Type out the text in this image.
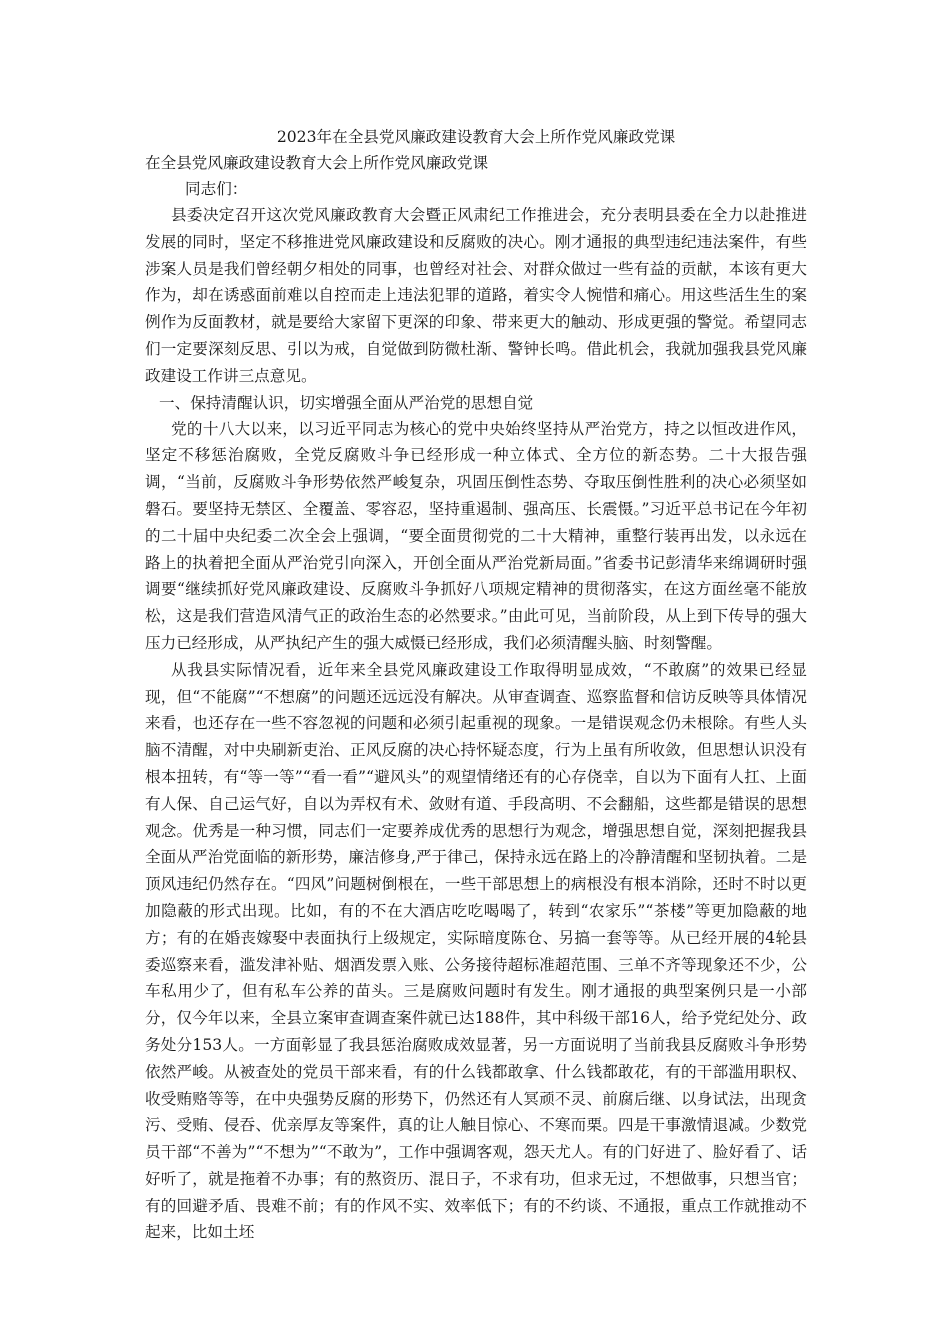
2023年在全县党风廉政建设教育大会上所作党风廉政党课
在全县党风廉政建设教育大会上所作党风廉政党课

同志们：

县委决定召开这次党风廉政教育大会暨正风肃纪工作推进会，充分表明县委在全力以赴推进发展的同时，坚定不移推进党风廉政建设和反腐败的决心。刚才通报的典型违纪违法案件，有些涉案人员是我们曾经朝夕相处的同事，也曾经对社会、对群众做过一些有益的贡献，本该有更大作为，却在诱惑面前难以自控而走上违法犯罪的道路，着实令人惋惜和痛心。用这些活生生的案例作为反面教材，就是要给大家留下更深的印象、带来更大的触动、形成更强的警觉。希望同志们一定要深刻反思、引以为戒，自觉做到防微杜渐、警钟长鸣。借此机会，我就加强我县党风廉政建设工作讲三点意见。

一、保持清醒认识，切实增强全面从严治党的思想自觉

党的十八大以来，以习近平同志为核心的党中央始终坚持从严治党方，持之以恒改进作风，坚定不移惩治腐败，全党反腐败斗争已经形成一种立体式、全方位的新态势。二十大报告强调，“当前，反腐败斗争形势依然严峻复杂，巩固压倒性态势、夺取压倒性胜利的决心必须坚如磐石。要坚持无禁区、全覆盖、零容忍，坚持重遏制、强高压、长震慑。”习近平总书记在今年初的二十届中央纪委二次全会上强调，“要全面贯彻党的二十大精神，重整行装再出发，以永远在路上的执着把全面从严治党引向深入，开创全面从严治党新局面。”省委书记彭清华来绵调研时强调要“继续抓好党风廉政建设、反腐败斗争抓好八项规定精神的贯彻落实，在这方面丝毫不能放松，这是我们营造风清气正的政治生态的必然要求。”由此可见，当前阶段，从上到下传导的强大压力已经形成，从严执纪产生的强大威慑已经形成，我们必须清醒头脑、时刻警醒。

从我县实际情况看，近年来全县党风廉政建设工作取得明显成效，“不敢腐”的效果已经显现，但“不能腐”“不想腐”的问题还远远没有解决。从审查调查、巡察监督和信访反映等具体情况来看，也还存在一些不容忽视的问题和必须引起重视的现象。一是错误观念仍未根除。有些人头脑不清醒，对中央刷新吏治、正风反腐的决心持怀疑态度，行为上虽有所收敛，但思想认识没有根本扭转，有“等一等”“看一看”“避风头”的观望情绪还有的心存侥幸，自以为下面有人扛、上面有人保、自己运气好，自以为弄权有术、敛财有道、手段高明、不会翻船，这些都是错误的思想观念。优秀是一种习惯，同志们一定要养成优秀的思想行为观念，增强思想自觉，深刻把握我县全面从严治党面临的新形势，廉洁修身,严于律己，保持永远在路上的冷静清醒和坚韧执着。二是顶风违纪仍然存在。“四风”问题树倒根在，一些干部思想上的病根没有根本消除，还时不时以更加隐蔽的形式出现。比如，有的不在大酒店吃吃喝喝了，转到“农家乐”“茶楼”等更加隐蔽的地方；有的在婚丧嫁娶中表面执行上级规定，实际暗度陈仓、另搞一套等等。从已经开展的4轮县委巡察来看，滥发津补贴、烟酒发票入账、公务接待超标准超范围、三单不齐等现象还不少，公车私用少了，但有私车公养的苗头。三是腐败问题时有发生。刚才通报的典型案例只是一小部分，仅今年以来，全县立案审查调查案件就已达188件，其中科级干部16人，给予党纪处分、政务处分153人。一方面彰显了我县惩治腐败成效显著，另一方面说明了当前我县反腐败斗争形势依然严峻。从被查处的党员干部来看，有的什么钱都敢拿、什么钱都敢花，有的干部滥用职权、收受贿赂等等，在中央强势反腐的形势下，仍然还有人冥顽不灵、前腐后继、以身试法，出现贪污、受贿、侵吞、优亲厚友等案件，真的让人触目惊心、不寒而栗。四是干事激情退减。少数党员干部“不善为”“不想为”“不敢为”，工作中强调客观，怨天尤人。有的门好进了、脸好看了、话好听了，就是拖着不办事；有的熬资历、混日子，不求有功，但求无过，不想做事，只想当官；有的回避矛盾、畏难不前；有的作风不实、效率低下；有的不约谈、不通报，重点工作就推动不起来，比如土坯
